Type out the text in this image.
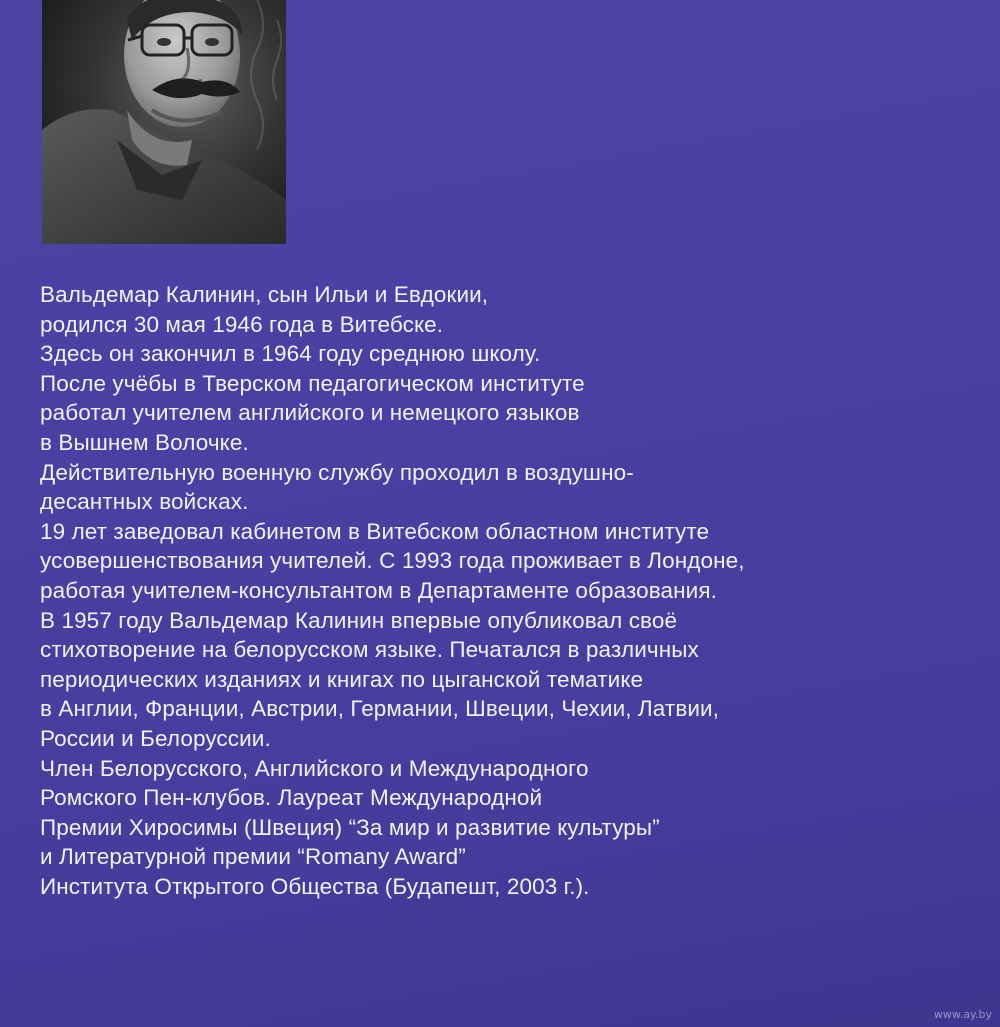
Вальдемар Калинин, сын Ильи и Евдокии,
родился 30 мая 1946 года в Витебске.
Здесь он закончил в 1964 году среднюю школу.
После учёбы в Тверском педагогическом институте
работал учителем английского и немецкого языков
в Вышнем Волочке.
Действительную военную службу проходил в воздушно-
десантных войсках.
19 лет заведовал кабинетом в Витебском областном институте
усовершенствования учителей. С 1993 года проживает в Лондоне,
работая учителем-консультантом в Департаменте образования.
В 1957 году Вальдемар Калинин впервые опубликовал своё
стихотворение на белорусском языке. Печатался в различных
периодических изданиях и книгах по цыганской тематике
в Англии, Франции, Австрии, Германии, Швеции, Чехии, Латвии,
России и Белоруссии.
Член Белорусского, Английского и Международного
Ромского Пен-клубов. Лауреат Международной
Премии Хиросимы (Швеция) “За мир и развитие культуры”
и Литературной премии “Romany Award”
Института Открытого Общества (Будапешт, 2003 г.).
www.ay.by
